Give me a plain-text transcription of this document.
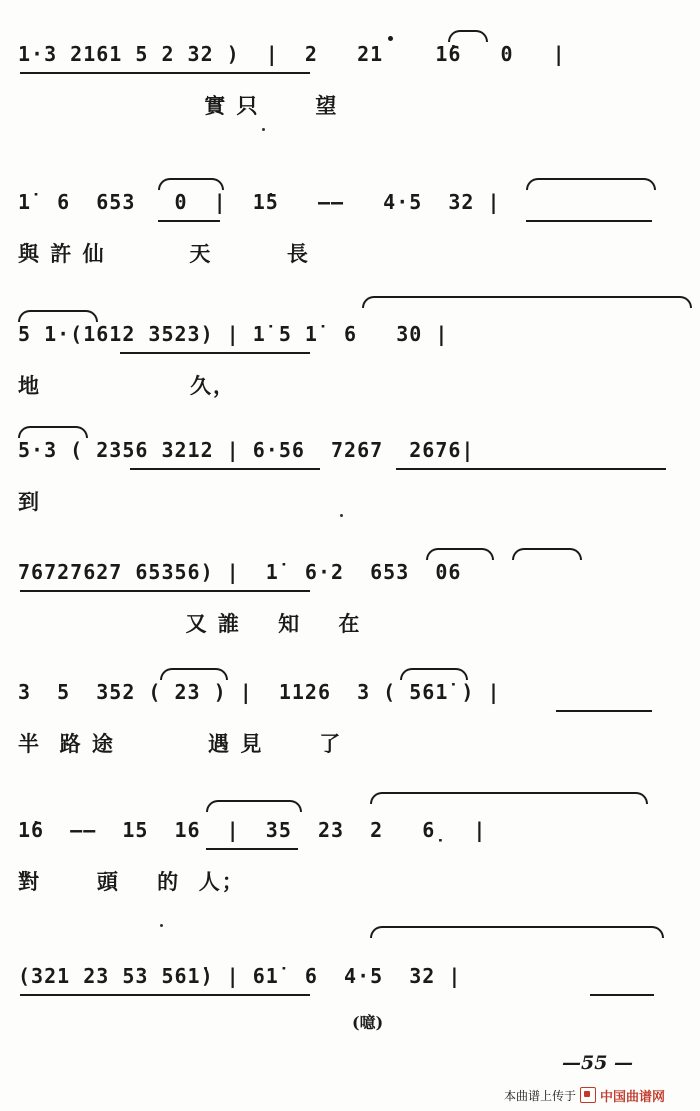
1·3 2161 5 2 32 )  |  2   21    1̇6   0   |
實 只      望
1̇  6  653   0  |  1̇5   ——   4·5  32 |
與 許 仙         天        長
5 1·(1612 3523) | 1̇ 5 1̇  6   30 |
地                久，
5·3 ( 2356 3212 | 6·56  7267  2676|
到
76727627 65356) |  1̇  6·2  653  06
又 誰    知    在
3  5  352 ( 23 ) |  1126  3 ( 561̇ ) |
半  路 途          遇 見      了
1̇6  ——  15  16  |  35  23  2   6̣  |
對      頭    的  人；
(321 23 53 561̇) | 61̇  6  4·5  32 |
(噫)
—55 —
本曲谱上传于 中国曲谱网
